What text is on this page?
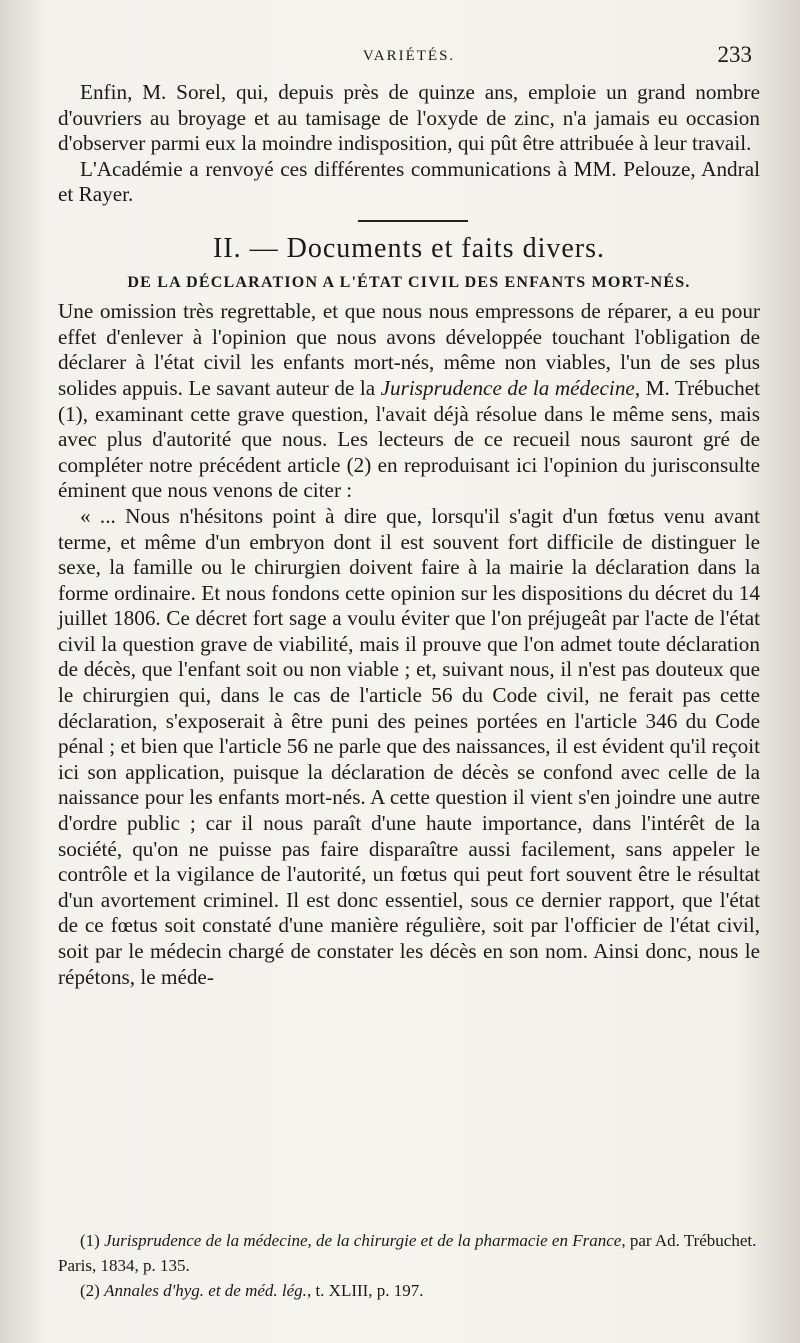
VARIÉTÉS.	233

Enfin, M. Sorel, qui, depuis près de quinze ans, emploie un grand nombre d'ouvriers au broyage et au tamisage de l'oxyde de zinc, n'a jamais eu occasion d'observer parmi eux la moindre indisposition, qui pût être attribuée à leur travail.

L'Académie a renvoyé ces différentes communications à MM. Pelouze, Andral et Rayer.

II. — Documents et faits divers.
DE LA DÉCLARATION A L'ÉTAT CIVIL DES ENFANTS MORT-NÉS.

Une omission très regrettable, et que nous nous empressons de réparer, a eu pour effet d'enlever à l'opinion que nous avons développée touchant l'obligation de déclarer à l'état civil les enfants mort-nés, même non viables, l'un de ses plus solides appuis. Le savant auteur de la Jurisprudence de la médecine, M. Trébuchet (1), examinant cette grave question, l'avait déjà résolue dans le même sens, mais avec plus d'autorité que nous. Les lecteurs de ce recueil nous sauront gré de compléter notre précédent article (2) en reproduisant ici l'opinion du jurisconsulte éminent que nous venons de citer :

« ... Nous n'hésitons point à dire que, lorsqu'il s'agit d'un fœtus venu avant terme, et même d'un embryon dont il est souvent fort difficile de distinguer le sexe, la famille ou le chirurgien doivent faire à la mairie la déclaration dans la forme ordinaire. Et nous fondons cette opinion sur les dispositions du décret du 14 juillet 1806. Ce décret fort sage a voulu éviter que l'on préjugeât par l'acte de l'état civil la question grave de viabilité, mais il prouve que l'on admet toute déclaration de décès, que l'enfant soit ou non viable ; et, suivant nous, il n'est pas douteux que le chirurgien qui, dans le cas de l'article 56 du Code civil, ne ferait pas cette déclaration, s'exposerait à être puni des peines portées en l'article 346 du Code pénal ; et bien que l'article 56 ne parle que des naissances, il est évident qu'il reçoit ici son application, puisque la déclaration de décès se confond avec celle de la naissance pour les enfants mort-nés. A cette question il vient s'en joindre une autre d'ordre public ; car il nous paraît d'une haute importance, dans l'intérêt de la société, qu'on ne puisse pas faire disparaître aussi facilement, sans appeler le contrôle et la vigilance de l'autorité, un fœtus qui peut fort souvent être le résultat d'un avortement criminel. Il est donc essentiel, sous ce dernier rapport, que l'état de ce fœtus soit constaté d'une manière régulière, soit par l'officier de l'état civil, soit par le médecin chargé de constater les décès en son nom. Ainsi donc, nous le répétons, le méde-

(1) Jurisprudence de la médecine, de la chirurgie et de la pharmacie en France, par Ad. Trébuchet. Paris, 1834, p. 135.

(2) Annales d'hyg. et de méd. lég., t. XLIII, p. 197.
